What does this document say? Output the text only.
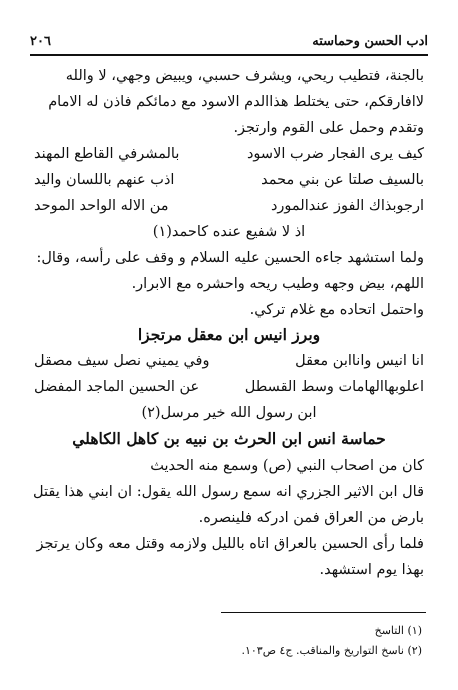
ادب الحسن وحماسته
٢٠٦
بالجنة، فتطيب ريحي، ويشرف حسبي، ويبيض وجهي، لا والله
لاافارقكم، حتى يختلط هذاالدم الاسود مع دمائكم فاذن له الامام
وتقدم وحمل على القوم وارتجز.
كيف يرى الفجار ضرب الاسود
بالمشرفي القاطع المهند
بالسيف صلتا عن بني محمد
اذب عنهم باللسان واليد
ارجوبذاك الفوز عندالمورد
من الاله الواحد الموحد
اذ لا شفيع عنده كاحمد(١)
ولما استشهد جاءه الحسين عليه السلام و وقف على رأسه، وقال:
اللهم، بيض وجهه وطيب ريحه واحشره مع الابرار.
واحتمل اتحاده مع غلام تركي.
وبرز انيس ابن معقل مرتجزا
انا انيس واناابن معقل
وفي يميني نصل سيف مصقل
اعلوبهاالهامات وسط القسطل
عن الحسين الماجد المفضل
ابن رسول الله خير مرسل(٢)
حماسة انس ابن الحرث بن نبيه بن كاهل الكاهلي
كان من اصحاب النبي (ص) وسمع منه الحديث
قال ابن الاثير الجزري انه سمع رسول الله يقول: ان ابني هذا يقتل
بارض من العراق فمن ادركه فلينصره.
فلما رأى الحسين بالعراق اتاه بالليل ولازمه وقتل معه وكان يرتجز
بهذا يوم استشهد.
(١) التاسخ
(٢) ناسخ التواريخ والمناقب. ج٤ ص١٠٣.
